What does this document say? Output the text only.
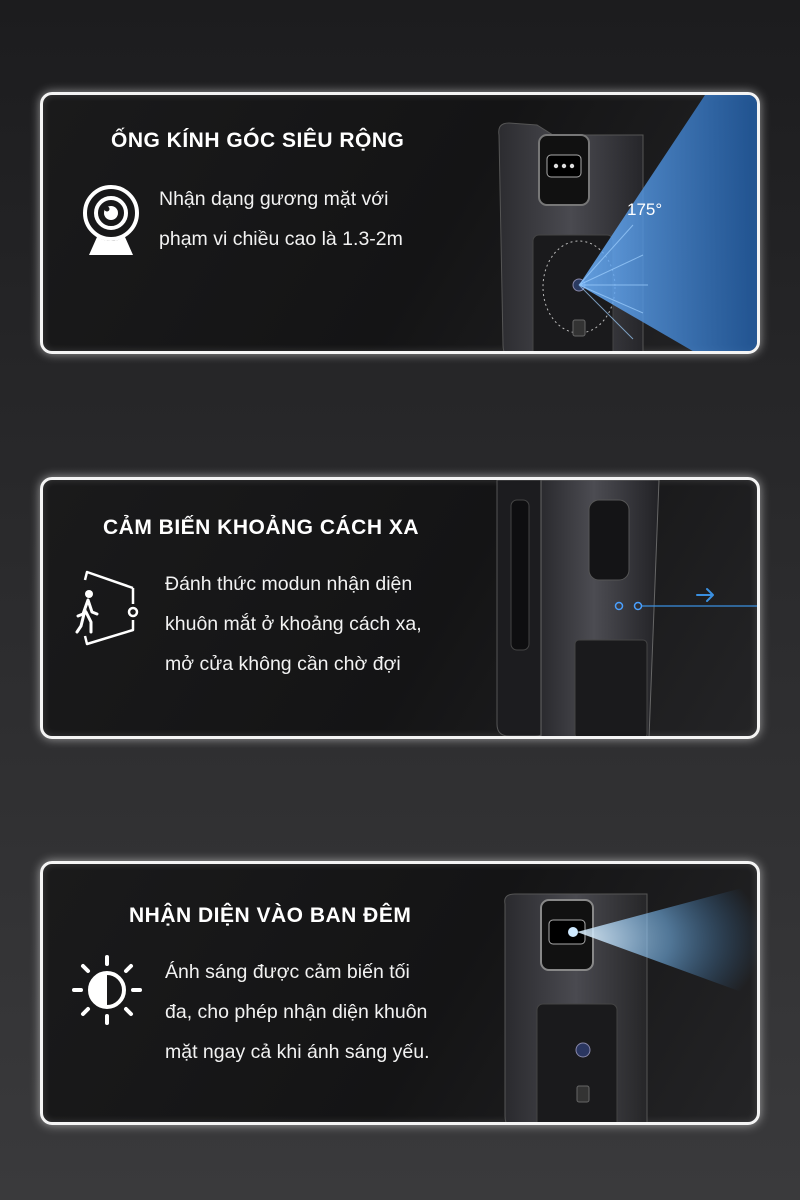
ỐNG KÍNH GÓC SIÊU RỘNG
Nhận dạng gương mặt với
phạm vi chiều cao là 1.3-2m
175°
CẢM BIẾN KHOẢNG CÁCH XA
Đánh thức modun nhận diện
khuôn mắt ở khoảng cách xa,
mở cửa không cần chờ đợi
NHẬN DIỆN VÀO BAN ĐÊM
Ánh sáng được cảm biến tối
đa, cho phép nhận diện khuôn
mặt ngay cả khi ánh sáng yếu.
